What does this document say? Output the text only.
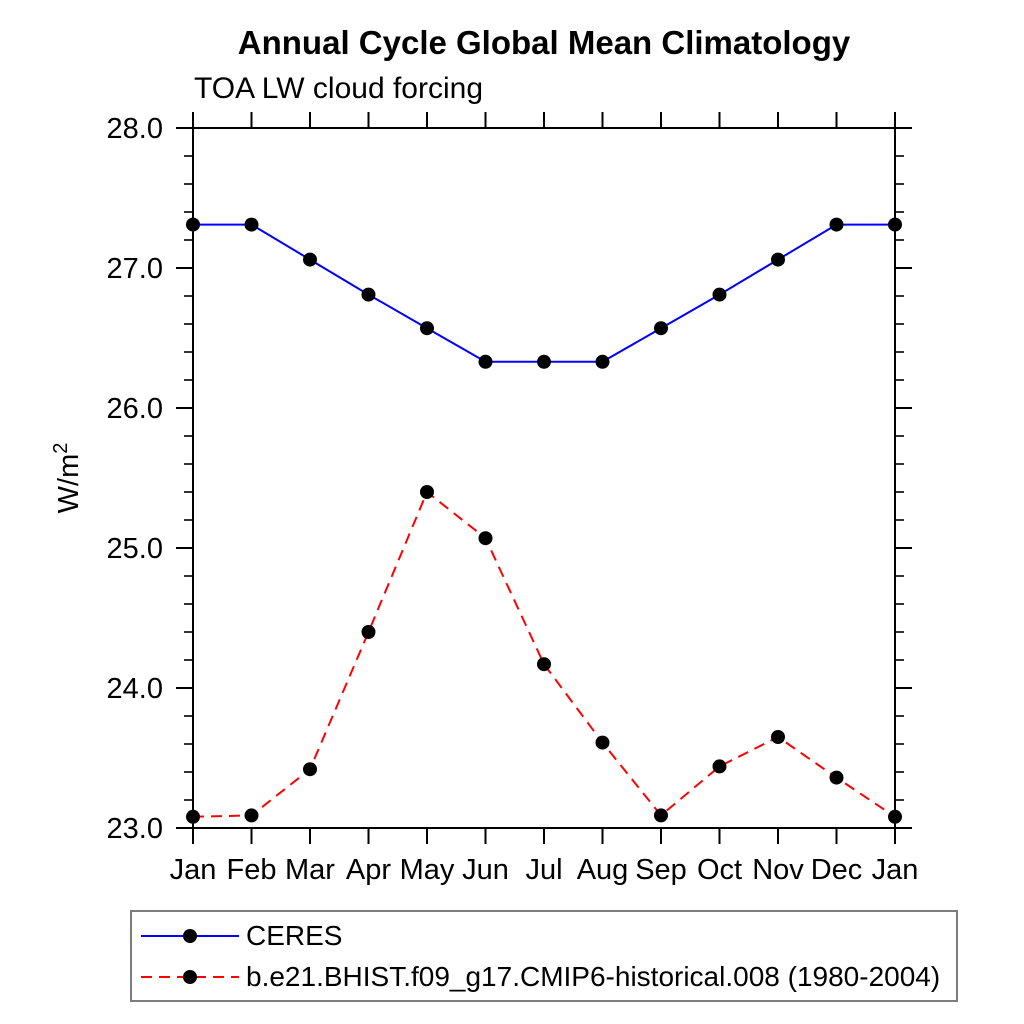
Annual Cycle Global Mean Climatology
TOA LW cloud forcing
23.0
24.0
25.0
26.0
27.0
28.0
Jan Feb Mar Apr May Jun Jul Aug Sep Oct Nov Dec Jan
$W/m^2$
CERES
b.e21.BHIST.f09_g17.CMIP6-historical.008 (1980-2004)
